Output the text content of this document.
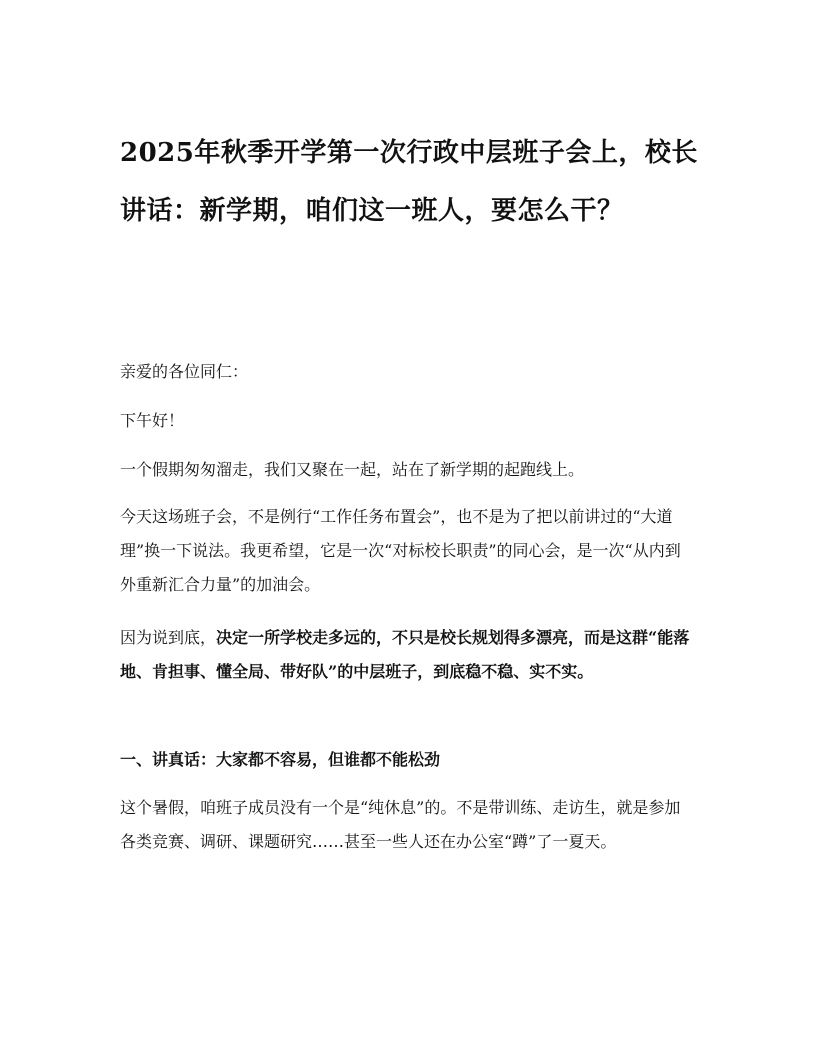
2025年秋季开学第一次行政中层班子会上，校长讲话：新学期，咱们这一班人，要怎么干？

亲爱的各位同仁：

下午好！

一个假期匆匆溜走，我们又聚在一起，站在了新学期的起跑线上。

今天这场班子会，不是例行“工作任务布置会”，也不是为了把以前讲过的“大道理”换一下说法。我更希望，它是一次“对标校长职责”的同心会，是一次“从内到外重新汇合力量”的加油会。

因为说到底，决定一所学校走多远的，不只是校长规划得多漂亮，而是这群“能落地、肯担事、懂全局、带好队”的中层班子，到底稳不稳、实不实。

一、讲真话：大家都不容易，但谁都不能松劲

这个暑假，咱班子成员没有一个是“纯休息”的。不是带训练、走访生，就是参加各类竞赛、调研、课题研究……甚至一些人还在办公室“蹲”了一夏天。
